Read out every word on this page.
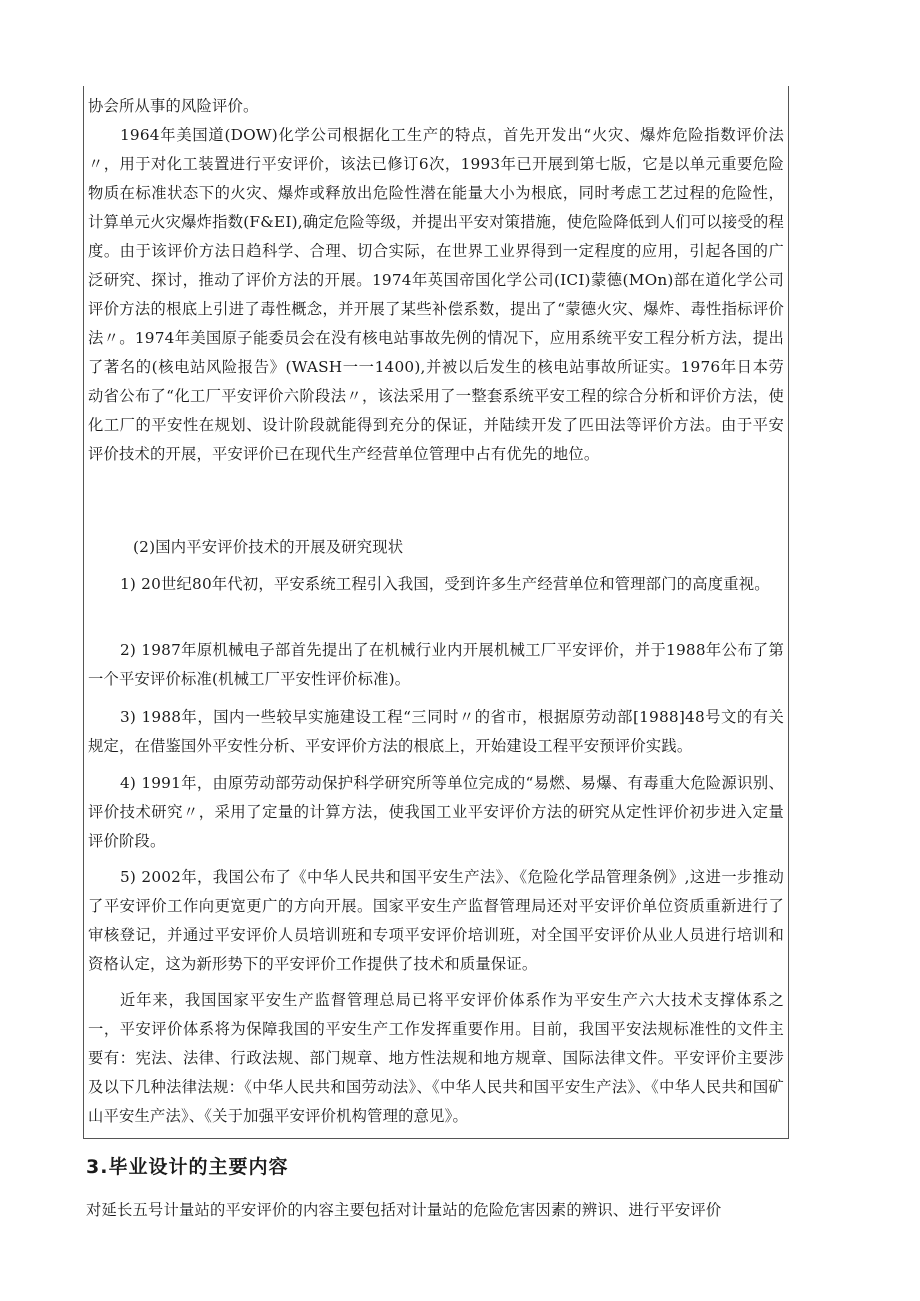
协会所从事的风险评价。

1964年美国道(DOW)化学公司根据化工生产的特点，首先开发出“火灾、爆炸危险指数评价法〃，用于对化工装置进行平安评价，该法已修订6次，1993年已开展到第七版，它是以单元重要危险物质在标准状态下的火灾、爆炸或释放出危险性潜在能量大小为根底，同时考虑工艺过程的危险性，计算单元火灾爆炸指数(F&EI),确定危险等级，并提出平安对策措施，使危险降低到人们可以接受的程度。由于该评价方法日趋科学、合理、切合实际，在世界工业界得到一定程度的应用，引起各国的广泛研究、探讨，推动了评价方法的开展。1974年英国帝国化学公司(ICI)蒙德(MOn)部在道化学公司评价方法的根底上引进了毒性概念，并开展了某些补偿系数，提出了“蒙德火灾、爆炸、毒性指标评价法〃。1974年美国原子能委员会在没有核电站事故先例的情况下，应用系统平安工程分析方法，提出了著名的(核电站风险报告》(WASH一一1400),并被以后发生的核电站事故所证实。1976年日本劳动省公布了“化工厂平安评价六阶段法〃，该法采用了一整套系统平安工程的综合分析和评价方法，使化工厂的平安性在规划、设计阶段就能得到充分的保证，并陆续开发了匹田法等评价方法。由于平安评价技术的开展，平安评价已在现代生产经营单位管理中占有优先的地位。

(2)国内平安评价技术的开展及研究现状

1) 20世纪80年代初，平安系统工程引入我国，受到许多生产经营单位和管理部门的高度重视。

2) 1987年原机械电子部首先提出了在机械行业内开展机械工厂平安评价，并于1988年公布了第一个平安评价标准(机械工厂平安性评价标准)。

3) 1988年，国内一些较早实施建设工程“三同时〃的省市，根据原劳动部[1988]48号文的有关规定，在借鉴国外平安性分析、平安评价方法的根底上，开始建设工程平安预评价实践。

4) 1991年，由原劳动部劳动保护科学研究所等单位完成的“易燃、易爆、有毒重大危险源识别、评价技术研究〃，采用了定量的计算方法，使我国工业平安评价方法的研究从定性评价初步进入定量评价阶段。

5) 2002年，我国公布了《中华人民共和国平安生产法》、《危险化学品管理条例》,这进一步推动了平安评价工作向更宽更广的方向开展。国家平安生产监督管理局还对平安评价单位资质重新进行了审核登记，并通过平安评价人员培训班和专项平安评价培训班，对全国平安评价从业人员进行培训和资格认定，这为新形势下的平安评价工作提供了技术和质量保证。

近年来，我国国家平安生产监督管理总局已将平安评价体系作为平安生产六大技术支撑体系之一，平安评价体系将为保障我国的平安生产工作发挥重要作用。目前，我国平安法规标准性的文件主要有：宪法、法律、行政法规、部门规章、地方性法规和地方规章、国际法律文件。平安评价主要涉及以下几种法律法规：《中华人民共和国劳动法》、《中华人民共和国平安生产法》、《中华人民共和国矿山平安生产法》、《关于加强平安评价机构管理的意见》。

3.毕业设计的主要内容

对延长五号计量站的平安评价的内容主要包括对计量站的危险危害因素的辨识、进行平安评价
